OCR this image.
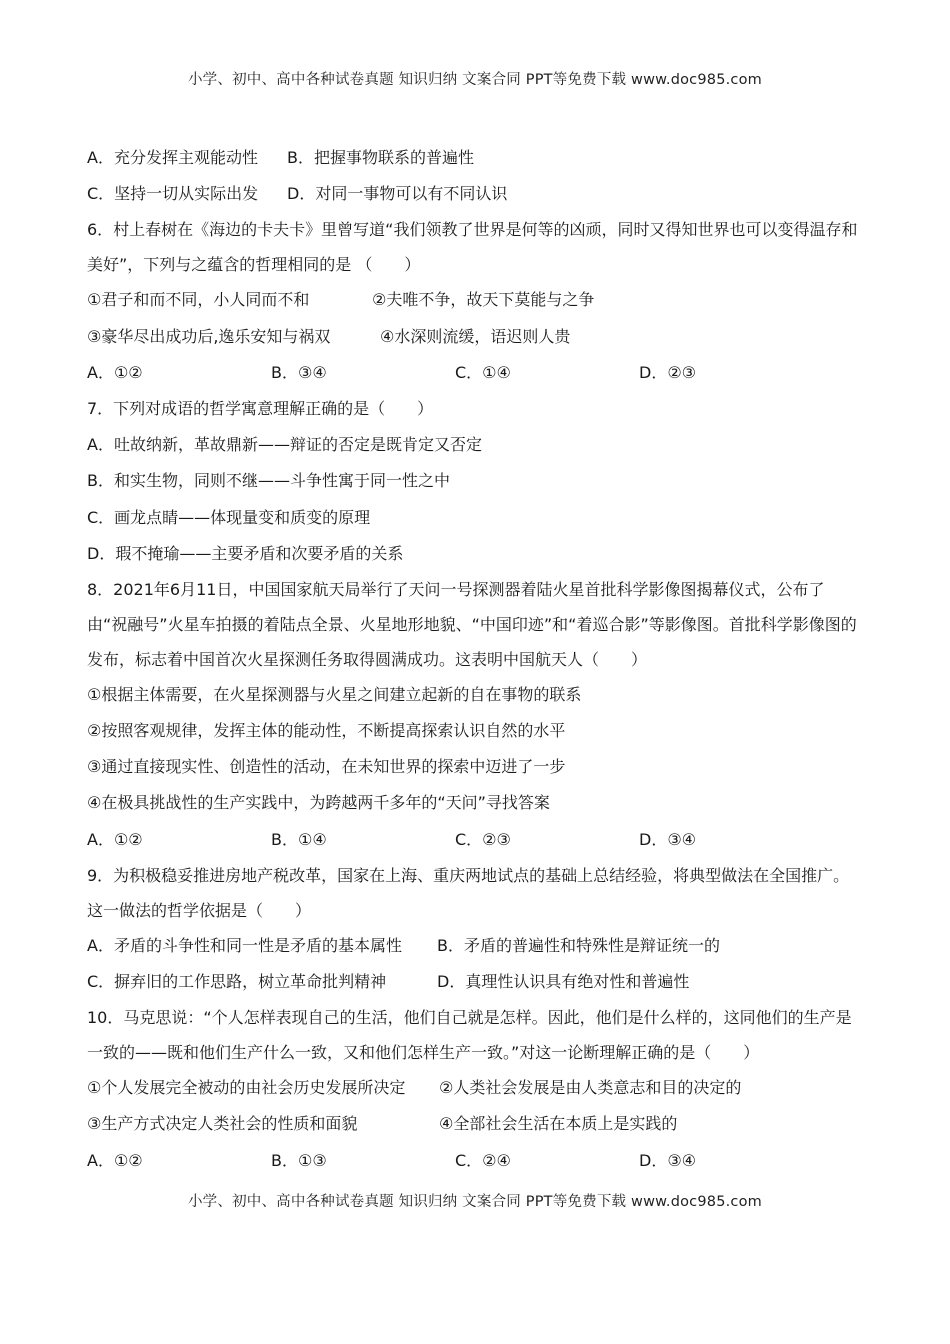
小学、初中、高中各种试卷真题 知识归纳 文案合同 PPT等免费下载 www.doc985.com
A．充分发挥主观能动性	B．把握事物联系的普遍性
C．坚持一切从实际出发	D．对同一事物可以有不同认识

6．村上春树在《海边的卡夫卡》里曾写道“我们领教了世界是何等的凶顽，同时又得知世界也可以变得温存和美好”，下列与之蕴含的哲理相同的是 （　　）

①君子和而不同，小人同而不和	②夫唯不争，故天下莫能与之争
③豪华尽出成功后,逸乐安知与祸双	④水深则流缓，语迟则人贵
A．①②	B．③④	C．①④	D．②③
7．下列对成语的哲学寓意理解正确的是（　　）
A．吐故纳新，革故鼎新——辩证的否定是既肯定又否定
B．和实生物，同则不继——斗争性寓于同一性之中
C．画龙点睛——体现量变和质变的原理
D．瑕不掩瑜——主要矛盾和次要矛盾的关系

8．2021年6月11日，中国国家航天局举行了天问一号探测器着陆火星首批科学影像图揭幕仪式，公布了由“祝融号”火星车拍摄的着陆点全景、火星地形地貌、“中国印迹”和“着巡合影”等影像图。首批科学影像图的发布，标志着中国首次火星探测任务取得圆满成功。这表明中国航天人（　　）

①根据主体需要，在火星探测器与火星之间建立起新的自在事物的联系
②按照客观规律，发挥主体的能动性，不断提高探索认识自然的水平
③通过直接现实性、创造性的活动，在未知世界的探索中迈进了一步
④在极具挑战性的生产实践中，为跨越两千多年的“天问”寻找答案
A．①②	B．①④	C．②③	D．③④

9．为积极稳妥推进房地产税改革，国家在上海、重庆两地试点的基础上总结经验，将典型做法在全国推广。这一做法的哲学依据是（　　）

A．矛盾的斗争性和同一性是矛盾的基本属性	B．矛盾的普遍性和特殊性是辩证统一的
C．摒弃旧的工作思路，树立革命批判精神	D．真理性认识具有绝对性和普遍性

10．马克思说：“个人怎样表现自己的生活，他们自己就是怎样。因此，他们是什么样的，这同他们的生产是一致的——既和他们生产什么一致，又和他们怎样生产一致。”对这一论断理解正确的是（　　）

①个人发展完全被动的由社会历史发展所决定	②人类社会发展是由人类意志和目的决定的
③生产方式决定人类社会的性质和面貌	④全部社会生活在本质上是实践的
A．①②	B．①③	C．②④	D．③④
小学、初中、高中各种试卷真题 知识归纳 文案合同 PPT等免费下载 www.doc985.com
